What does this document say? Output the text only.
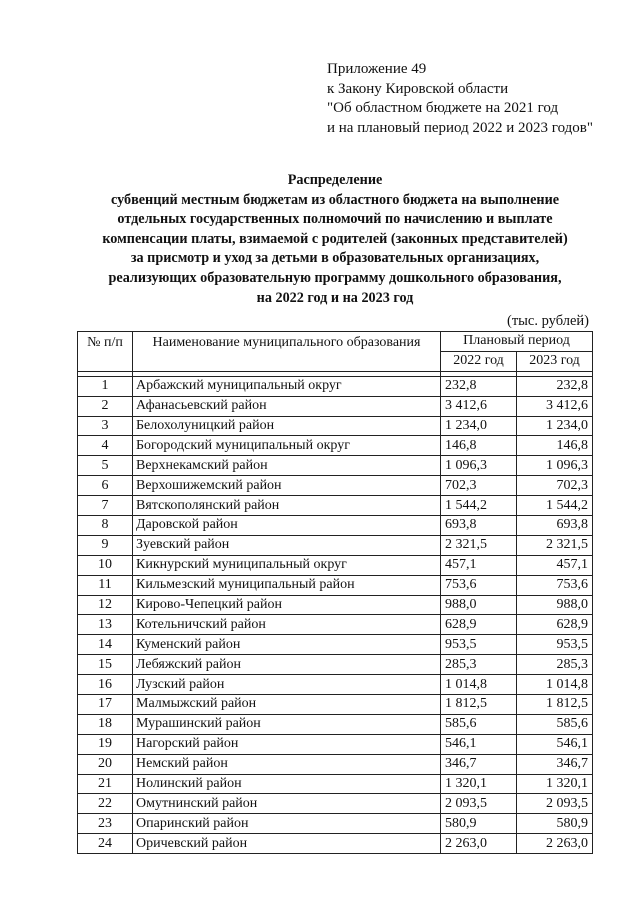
Приложение 49
к Закону Кировской области
"Об областном бюджете на 2021 год
и на плановый период 2022 и 2023 годов"
Распределение
субвенций местным бюджетам из областного бюджета на выполнение
отдельных государственных полномочий по начислению и выплате
компенсации платы, взимаемой с родителей (законных представителей)
за присмотр и уход за детьми в образовательных организациях,
реализующих образовательную программу дошкольного образования,
на 2022 год и на 2023 год
(тыс. рублей)
№ п/п	Наименование муниципального образования	Плановый период	
		2022 год	2023 год

1	Арбажский муниципальный округ	232,8	232,8
2	Афанасьевский район	3 412,6	3 412,6
3	Белохолуницкий район	1 234,0	1 234,0
4	Богородский муниципальный округ	146,8	146,8
5	Верхнекамский район	1 096,3	1 096,3
6	Верхошижемский район	702,3	702,3
7	Вятскополянский район	1 544,2	1 544,2
8	Даровской район	693,8	693,8
9	Зуевский район	2 321,5	2 321,5
10	Кикнурский муниципальный округ	457,1	457,1
11	Кильмезский муниципальный район	753,6	753,6
12	Кирово-Чепецкий район	988,0	988,0
13	Котельничский район	628,9	628,9
14	Куменский район	953,5	953,5
15	Лебяжский район	285,3	285,3
16	Лузский район	1 014,8	1 014,8
17	Малмыжский район	1 812,5	1 812,5
18	Мурашинский район	585,6	585,6
19	Нагорский район	546,1	546,1
20	Немский район	346,7	346,7
21	Нолинский район	1 320,1	1 320,1
22	Омутнинский район	2 093,5	2 093,5
23	Опаринский район	580,9	580,9
24	Оричевский район	2 263,0	2 263,0
